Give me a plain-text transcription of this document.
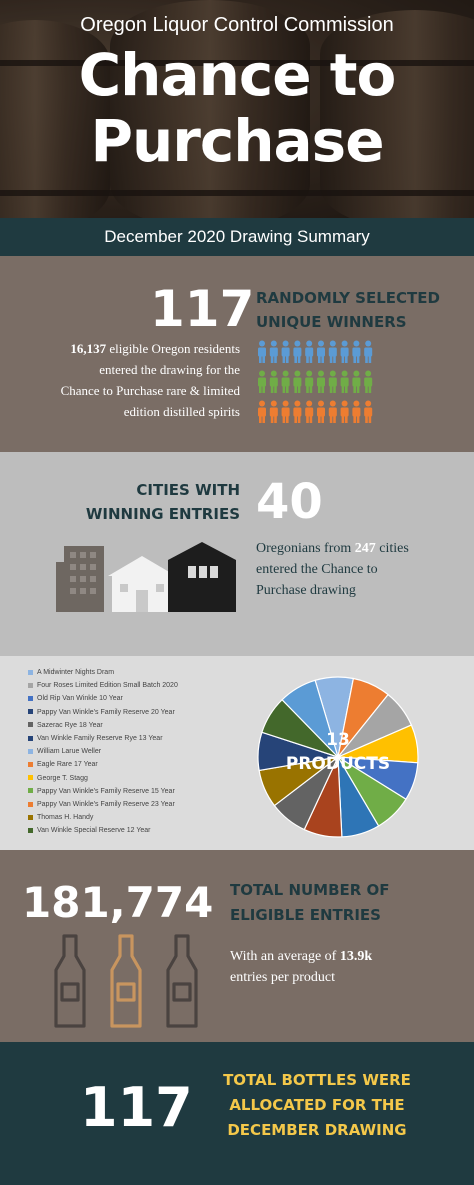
Oregon Liquor Control Commission
Chance to
Purchase
December 2020 Drawing Summary
117 RANDOMLY SELECTED
UNIQUE WINNERS
16,137 eligible Oregon residents
entered the drawing for the
Chance to Purchase rare & limited
edition distilled spirits
CITIES WITH
WINNING ENTRIES 40
Oregonians from 247 cities
entered the Chance to
Purchase drawing
A Midwinter Nights Dram
Four Roses Limited Edition Small Batch 2020
Old Rip Van Winkle 10 Year
Pappy Van Winkle's Family Reserve 20 Year
Sazerac Rye 18 Year
Van Winkle Family Reserve Rye 13 Year
William Larue Weller
Eagle Rare 17 Year
George T. Stagg
Pappy Van Winkle's Family Reserve 15 Year
Pappy Van Winkle's Family Reserve 23 Year
Thomas H. Handy
Van Winkle Special Reserve 12 Year
13
PRODUCTS
181,774 TOTAL NUMBER OF
ELIGIBLE ENTRIES
With an average of 13.9k
entries per product
117 TOTAL BOTTLES WERE
ALLOCATED FOR THE
DECEMBER DRAWING
